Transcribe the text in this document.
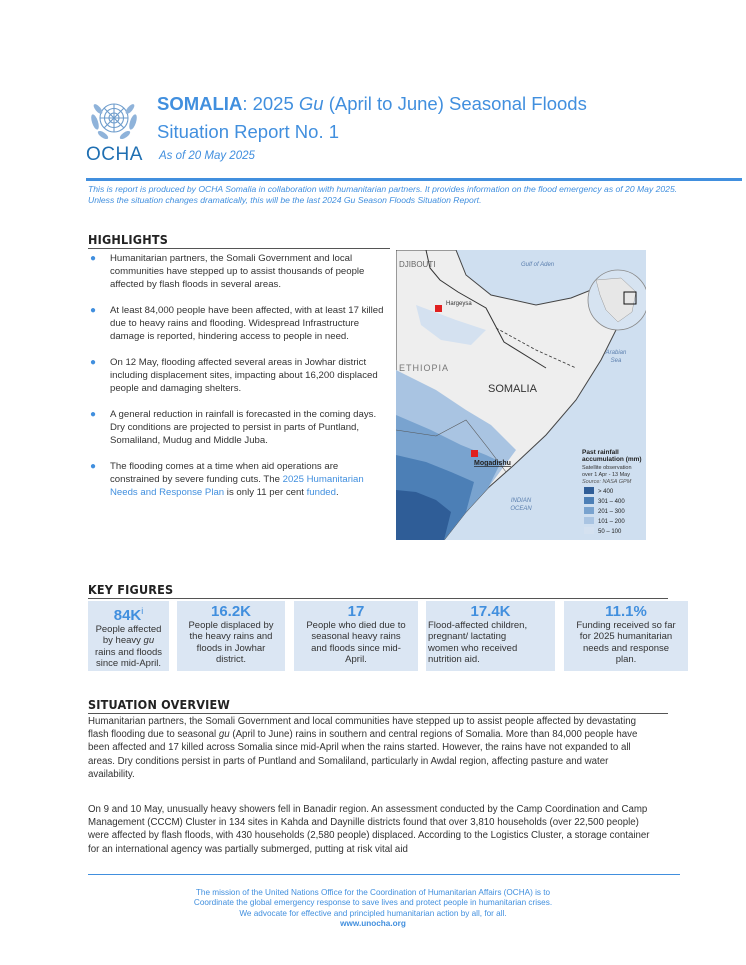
OCHA
SOMALIA: 2025 Gu (April to June) Seasonal Floods
Situation Report No. 1
As of 20 May 2025
This is report is produced by OCHA Somalia in collaboration with humanitarian partners. It provides information on the flood emergency as of 20 May 2025. Unless the situation changes dramatically, this will be the last 2024 Gu Season Floods Situation Report.
HIGHLIGHTS
● Humanitarian partners, the Somali Government and local communities have stepped up to assist thousands of people affected by flash floods in several areas.
● At least 84,000 people have been affected, with at least 17 killed due to heavy rains and flooding. Widespread Infrastructure damage is reported, hindering access to people in need.
● On 12 May, flooding affected several areas in Jowhar district including displacement sites, impacting about 16,200 displaced people and damaging shelters.
● A general reduction in rainfall is forecasted in the coming days. Dry conditions are projected to persist in parts of Puntland, Somaliland, Mudug and Middle Juba.
● The flooding comes at a time when aid operations are constrained by severe funding cuts. The 2025 Humanitarian Needs and Response Plan is only 11 per cent funded.
DJIBOUTI	Gulf of Aden
Hargeysa
ETHIOPIA
SOMALIA
Arabian
Sea
Mogadishu
INDIAN
OCEAN
Past rainfall
accumulation (mm)
Satellite observation
over 1 Apr - 13 May
Source: NASA GPM
> 400
301 – 400
201 – 300
101 – 200
50 – 100
KEY FIGURES
$84K^i$
People affected
by heavy gu
rains and floods
since mid-April.
16.2K
People displaced by
the heavy rains and
floods in Jowhar
district.
17
People who died due to
seasonal heavy rains
and floods since mid-
April.
17.4K
Flood-affected children,
pregnant/ lactating
women who received
nutrition aid.
11.1%
Funding received so far
for 2025 humanitarian
needs and response
plan.
SITUATION OVERVIEW
Humanitarian partners, the Somali Government and local communities have stepped up to assist people affected by devastating flash flooding due to seasonal gu (April to June) rains in southern and central regions of Somalia. More than 84,000 people have been affected and 17 killed across Somalia since mid-April when the rains started. However, the rains have not expanded to all areas. Dry conditions persist in parts of Puntland and Somaliland, particularly in Awdal region, affecting pasture and water availability.
On 9 and 10 May, unusually heavy showers fell in Banadir region. An assessment conducted by the Camp Coordination and Camp Management (CCCM) Cluster in 134 sites in Kahda and Daynille districts found that over 3,810 households (over 22,500 people) were affected by flash floods, with 430 households (2,580 people) displaced. According to the Logistics Cluster, a storage container for an international agency was partially submerged, putting at risk vital aid
The mission of the United Nations Office for the Coordination of Humanitarian Affairs (OCHA) is to
Coordinate the global emergency response to save lives and protect people in humanitarian crises.
We advocate for effective and principled humanitarian action by all, for all.
www.unocha.org
